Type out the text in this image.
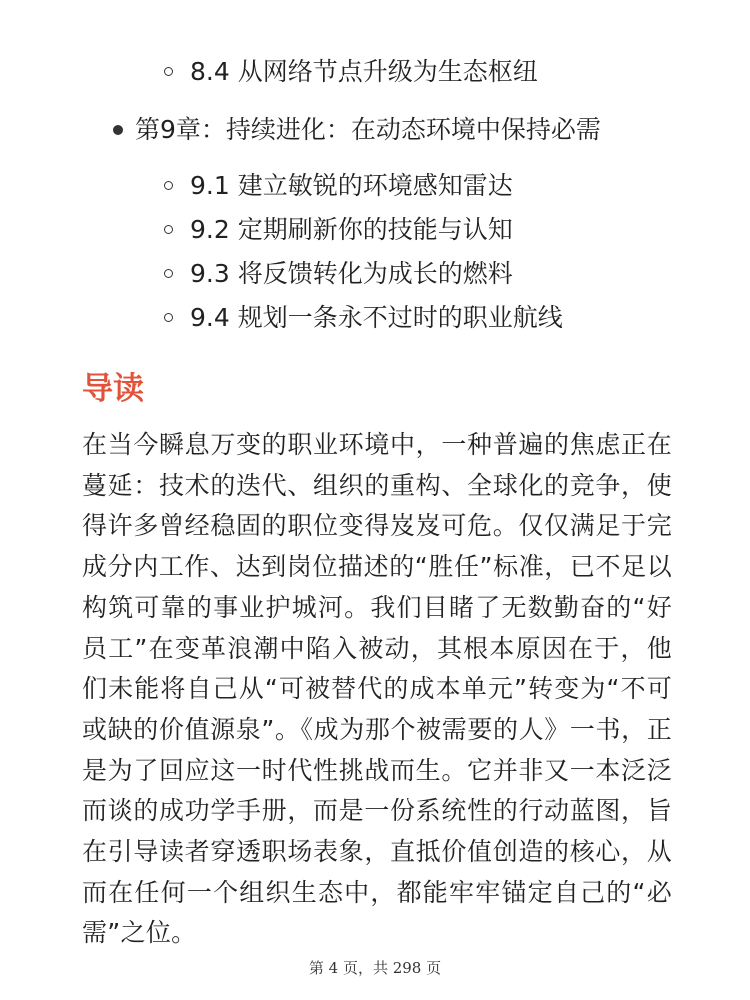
8.4 从网络节点升级为生态枢纽
第9章：持续进化：在动态环境中保持必需
9.1 建立敏锐的环境感知雷达
9.2 定期刷新你的技能与认知
9.3 将反馈转化为成长的燃料
9.4 规划一条永不过时的职业航线
导读

在当今瞬息万变的职业环境中，一种普遍的焦虑正在蔓延：技术的迭代、组织的重构、全球化的竞争，使得许多曾经稳固的职位变得岌岌可危。仅仅满足于完成分内工作、达到岗位描述的“胜任”标准，已不足以构筑可靠的事业护城河。我们目睹了无数勤奋的“好员工”在变革浪潮中陷入被动，其根本原因在于，他们未能将自己从“可被替代的成本单元”转变为“不可或缺的价值源泉”。《成为那个被需要的人》一书，正是为了回应这一时代性挑战而生。它并非又一本泛泛而谈的成功学手册，而是一份系统性的行动蓝图，旨在引导读者穿透职场表象，直抵价值创造的核心，从而在任何一个组织生态中，都能牢牢锚定自己的“必需”之位。

第 4 页，共 298 页
